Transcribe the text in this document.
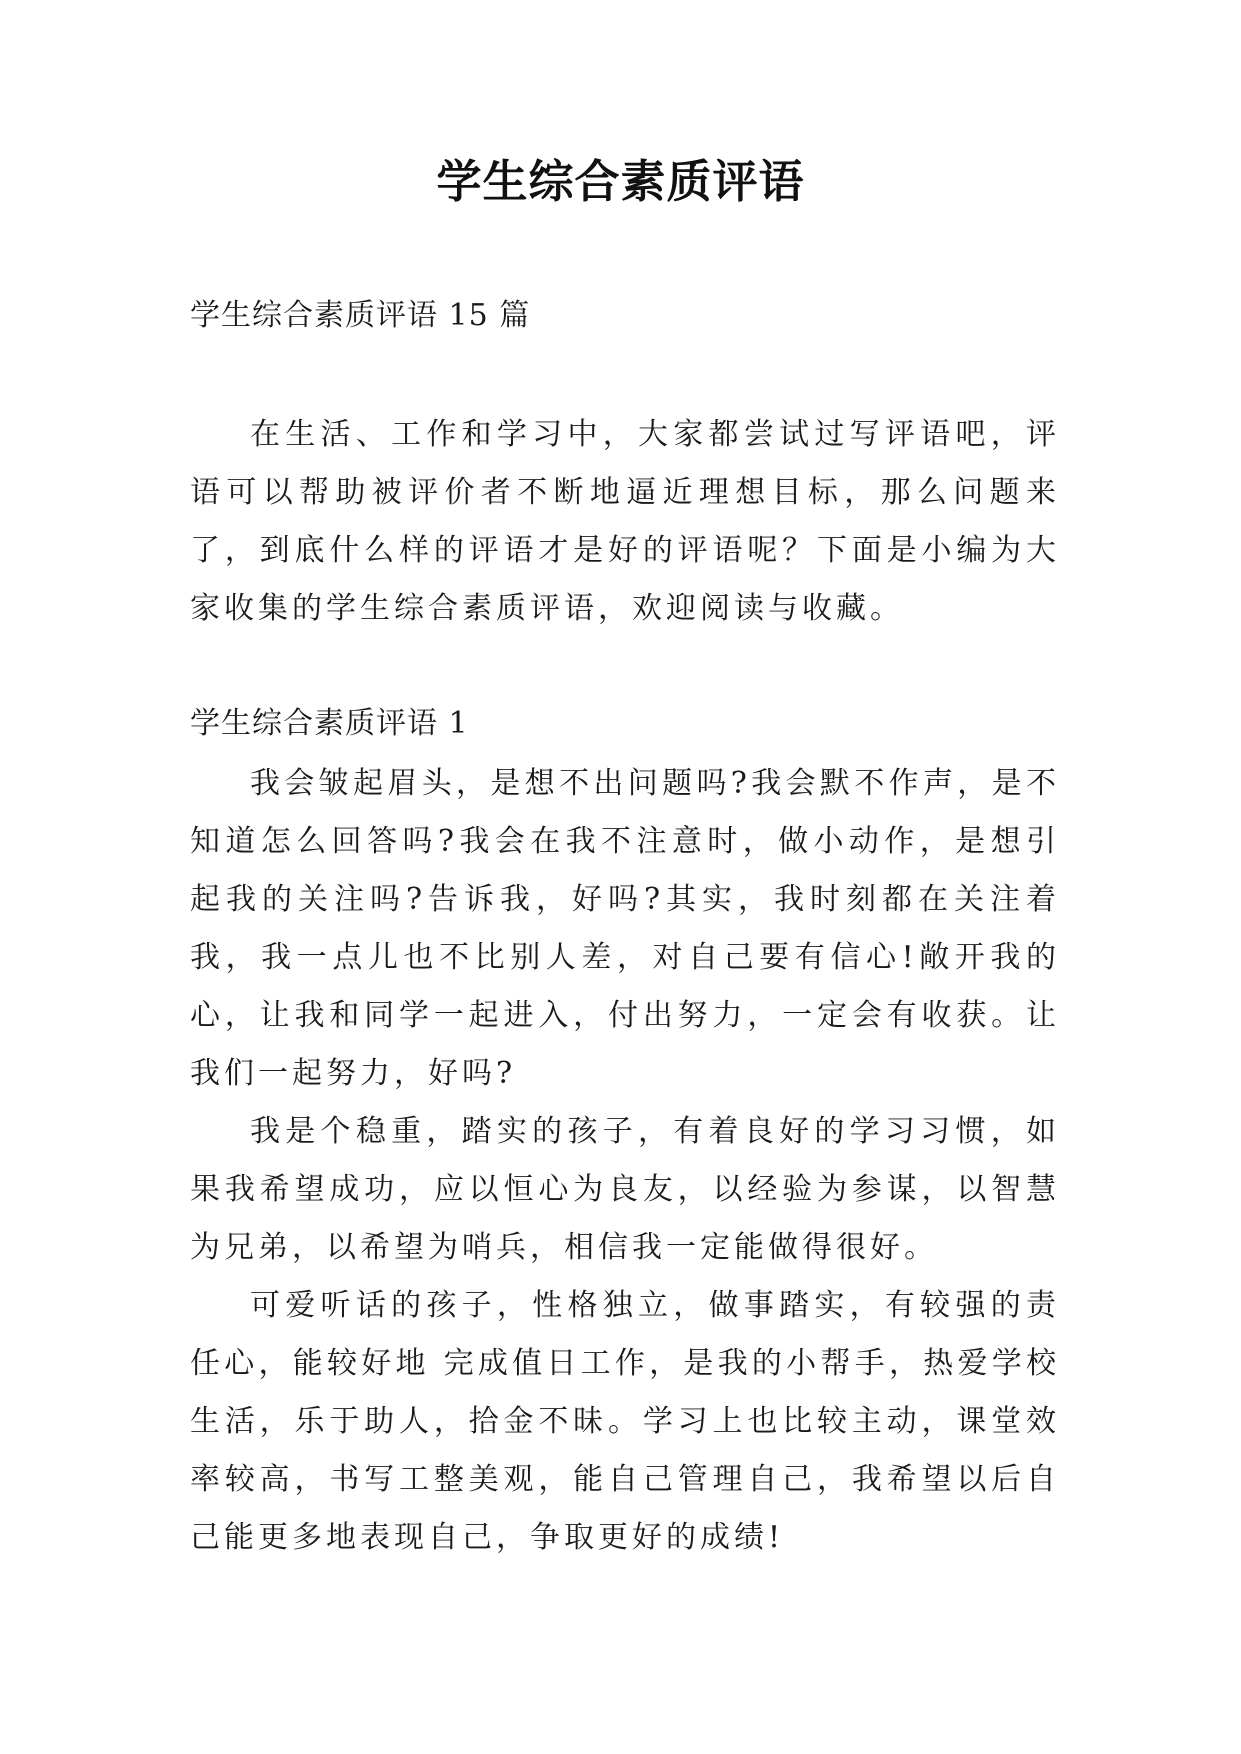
学生综合素质评语
学生综合素质评语 15 篇

在生活、工作和学习中，大家都尝试过写评语吧，评语可以帮助被评价者不断地逼近理想目标，那么问题来了，到底什么样的评语才是好的评语呢？下面是小编为大家收集的学生综合素质评语，欢迎阅读与收藏。

学生综合素质评语 1

我会皱起眉头，是想不出问题吗?我会默不作声，是不知道怎么回答吗?我会在我不注意时，做小动作，是想引起我的关注吗?告诉我，好吗?其实，我时刻都在关注着我，我一点儿也不比别人差，对自己要有信心!敞开我的心，让我和同学一起进入，付出努力，一定会有收获。让我们一起努力，好吗?

我是个稳重，踏实的孩子，有着良好的学习习惯，如果我希望成功，应以恒心为良友，以经验为参谋，以智慧为兄弟，以希望为哨兵，相信我一定能做得很好。

可爱听话的孩子，性格独立，做事踏实，有较强的责任心，能较好地 完成值日工作，是我的小帮手，热爱学校生活，乐于助人，拾金不昧。学习上也比较主动，课堂效率较高，书写工整美观，能自己管理自己，我希望以后自己能更多地表现自己，争取更好的成绩!
